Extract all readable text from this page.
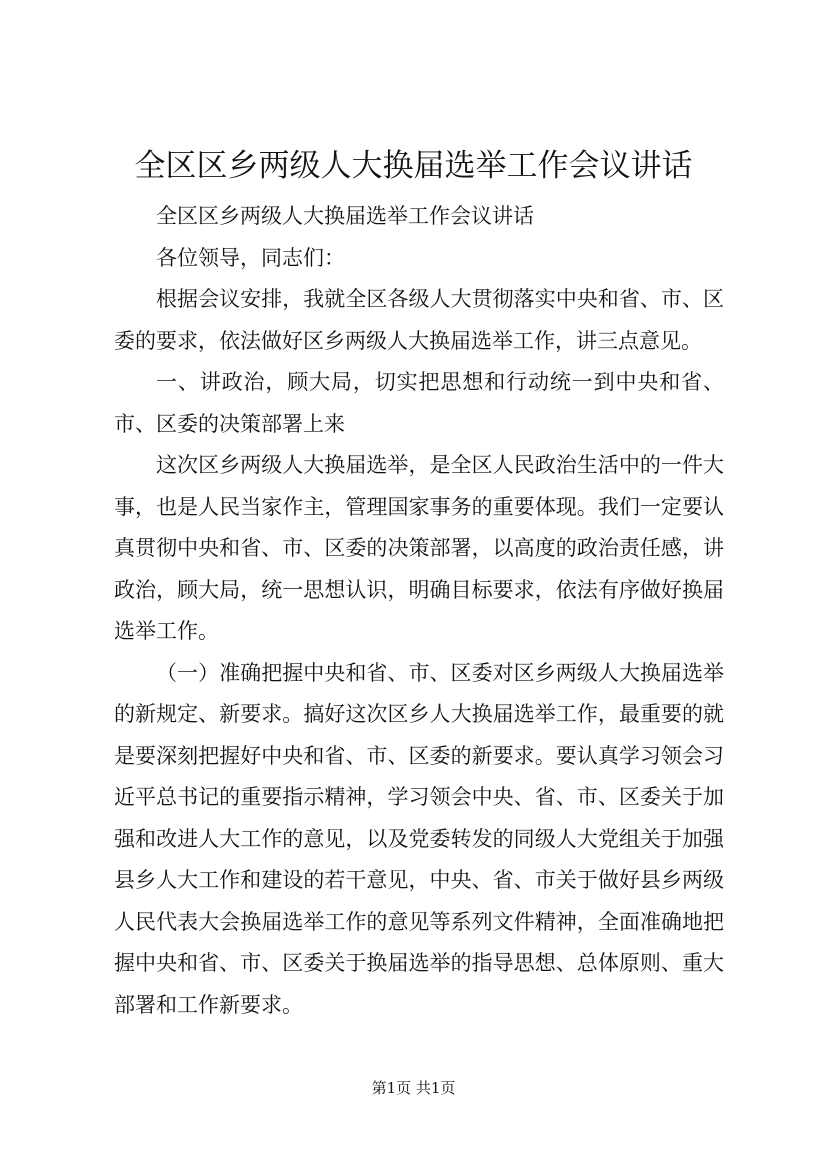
全区区乡两级人大换届选举工作会议讲话

全区区乡两级人大换届选举工作会议讲话

各位领导，同志们：

根据会议安排，我就全区各级人大贯彻落实中央和省、市、区委的要求，依法做好区乡两级人大换届选举工作，讲三点意见。

一、讲政治，顾大局，切实把思想和行动统一到中央和省、市、区委的决策部署上来

这次区乡两级人大换届选举，是全区人民政治生活中的一件大事，也是人民当家作主，管理国家事务的重要体现。我们一定要认真贯彻中央和省、市、区委的决策部署，以高度的政治责任感，讲政治，顾大局，统一思想认识，明确目标要求，依法有序做好换届选举工作。

（一）准确把握中央和省、市、区委对区乡两级人大换届选举的新规定、新要求。搞好这次区乡人大换届选举工作，最重要的就是要深刻把握好中央和省、市、区委的新要求。要认真学习领会习近平总书记的重要指示精神，学习领会中央、省、市、区委关于加强和改进人大工作的意见，以及党委转发的同级人大党组关于加强县乡人大工作和建设的若干意见，中央、省、市关于做好县乡两级人民代表大会换届选举工作的意见等系列文件精神，全面准确地把握中央和省、市、区委关于换届选举的指导思想、总体原则、重大部署和工作新要求。

第1页 共1页
